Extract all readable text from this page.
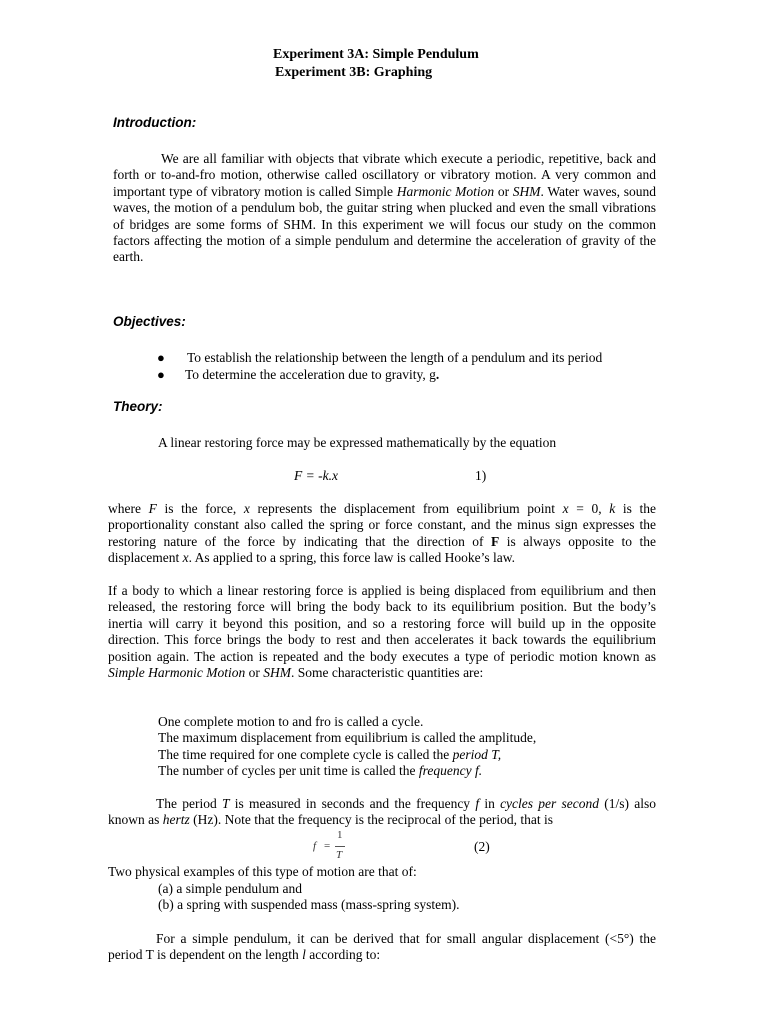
Experiment 3A: Simple Pendulum
Experiment 3B: Graphing
Introduction:

We are all familiar with objects that vibrate which execute a periodic, repetitive, back and forth or to-and-fro motion, otherwise called oscillatory or vibratory motion. A very common and important type of vibratory motion is called Simple Harmonic Motion or SHM. Water waves, sound waves, the motion of a pendulum bob, the guitar string when plucked and even the small vibrations of bridges are some forms of SHM. In this experiment we will focus our study on the common factors affecting the motion of a simple pendulum and determine the acceleration of gravity of the earth.

Objectives:
● To establish the relationship between the length of a pendulum and its period
● To determine the acceleration due to gravity, g.
Theory:
A linear restoring force may be expressed mathematically by the equation
F = -k.x	1)

where F is the force, x represents the displacement from equilibrium point x = 0, k is the proportionality constant also called the spring or force constant, and the minus sign expresses the restoring nature of the force by indicating that the direction of F is always opposite to the displacement x. As applied to a spring, this force law is called Hooke’s law.

If a body to which a linear restoring force is applied is being displaced from equilibrium and then released, the restoring force will bring the body back to its equilibrium position. But the body’s inertia will carry it beyond this position, and so a restoring force will build up in the opposite direction. This force brings the body to rest and then accelerates it back towards the equilibrium position again. The action is repeated and the body executes a type of periodic motion known as Simple Harmonic Motion or SHM. Some characteristic quantities are:

One complete motion to and fro is called a cycle.
The maximum displacement from equilibrium is called the amplitude,
The time required for one complete cycle is called the period T,
The number of cycles per unit time is called the frequency f.

The period T is measured in seconds and the frequency f in cycles per second (1/s) also known as hertz (Hz). Note that the frequency is the reciprocal of the period, that is

f =
1
T
(2)
Two physical examples of this type of motion are that of:
(a) a simple pendulum and
(b) a spring with suspended mass (mass-spring system).

For a simple pendulum, it can be derived that for small angular displacement (<5°) the period T is dependent on the length l according to:
